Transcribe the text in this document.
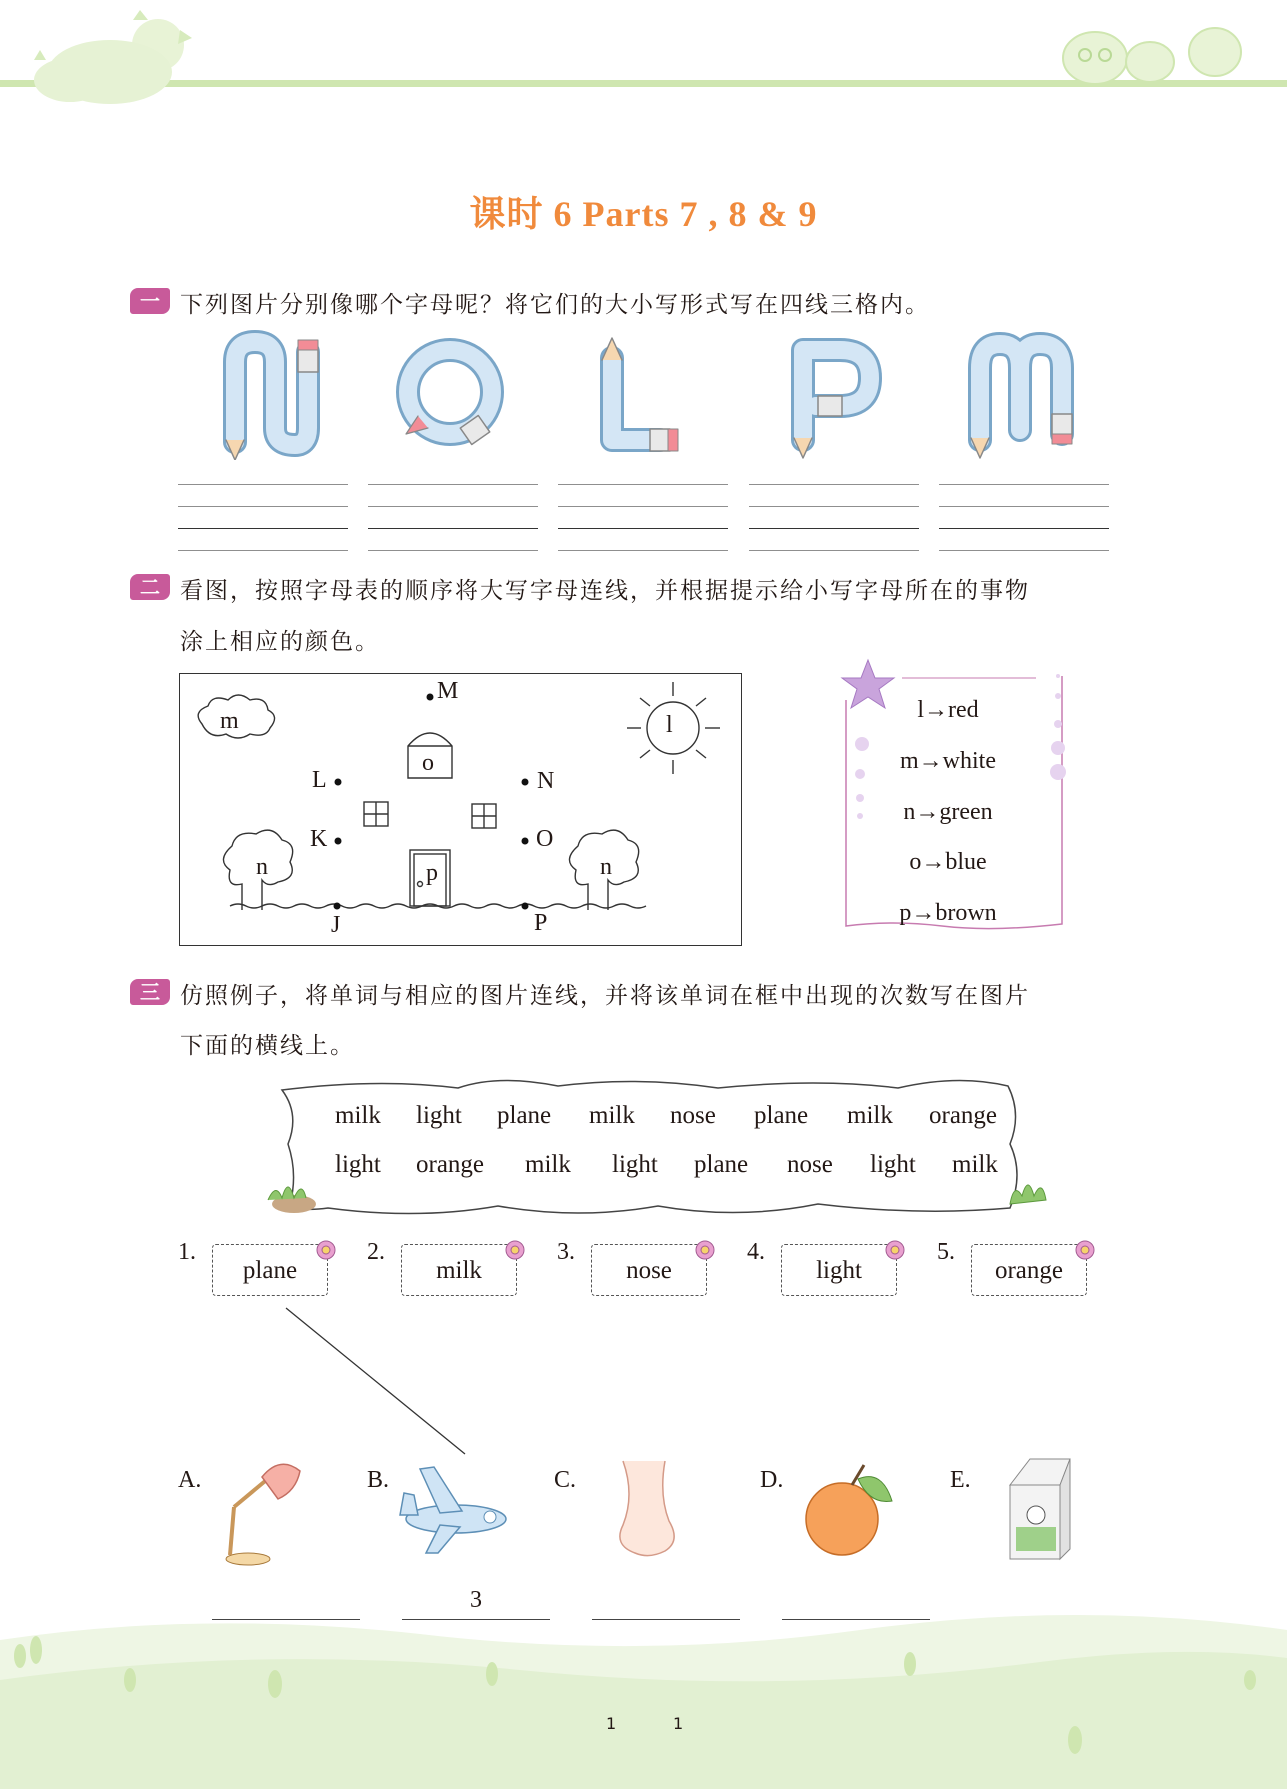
课时 6 Parts 7 , 8 & 9
一 下列图片分别像哪个字母呢？将它们的大小写形式写在四线三格内。
二 看图，按照字母表的顺序将大写字母连线，并根据提示给小写字母所在的事物
涂上相应的颜色。
m	l
o
n	n
p
M
L	N
K	O
J	P
l→red
m→white
n→green
o→blue
p→brown
三 仿照例子，将单词与相应的图片连线，并将该单词在框中出现的次数写在图片
下面的横线上。
milk light plane milk nose plane milk orange
light orange milk light plane nose light milk
1.
plane
2.
milk
3.
nose
4.
light
5.
orange
A.	B.	C.	D.	E.
3
1	1
